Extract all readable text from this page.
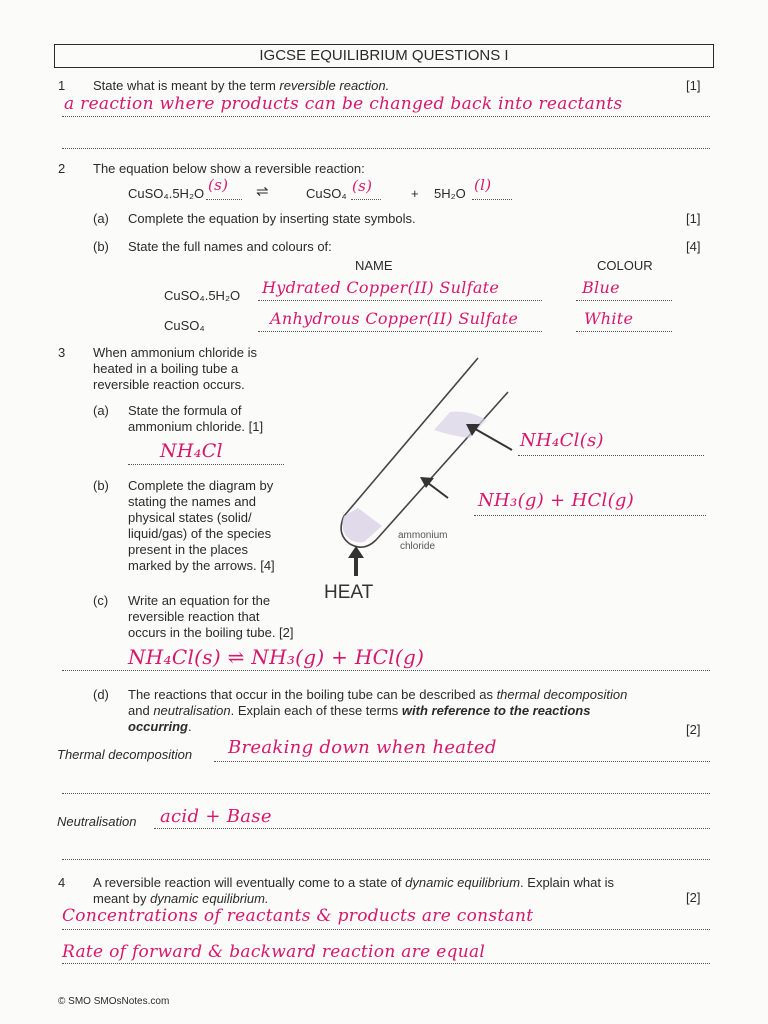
IGCSE EQUILIBRIUM QUESTIONS I
1 State what is meant by the term reversible reaction.	[1]
a reaction where products can be changed back into reactants
2 The equation below show a reversible reaction:
CuSO₄.5H₂O (s) ⇌	CuSO₄ (s)	+ 5H₂O (l)
(a) Complete the equation by inserting state symbols.	[1]
(b) State the full names and colours of:	[4]
NAME	COLOUR
CuSO₄.5H₂O Hydrated Copper(II) Sulfate	Blue
CuSO₄	Anhydrous Copper(II) Sulfate	White
3 When ammonium chloride is
heated in a boiling tube a
reversible reaction occurs.
(a) State the formula of
ammonium chloride. [1]
NH₄Cl
(b) Complete the diagram by
stating the names and
physical states (solid/
liquid/gas) of the species
present in the places
marked by the arrows. [4]
ammonium
chloride
HEAT
NH₄Cl(s)
NH₃(g) + HCl(g)
(c) Write an equation for the
reversible reaction that
occurs in the boiling tube. [2]
NH₄Cl(s) ⇌ NH₃(g) + HCl(g)
(d) The reactions that occur in the boiling tube can be described as thermal decomposition
and neutralisation. Explain each of these terms with reference to the reactions
occurring.	[2]
Thermal decomposition Breaking down when heated
Neutralisation acid + Base
4 A reversible reaction will eventually come to a state of dynamic equilibrium. Explain what is
meant by dynamic equilibrium.	[2]
Concentrations of reactants & products are constant
Rate of forward & backward reaction are equal
© SMO SMOsNotes.com
